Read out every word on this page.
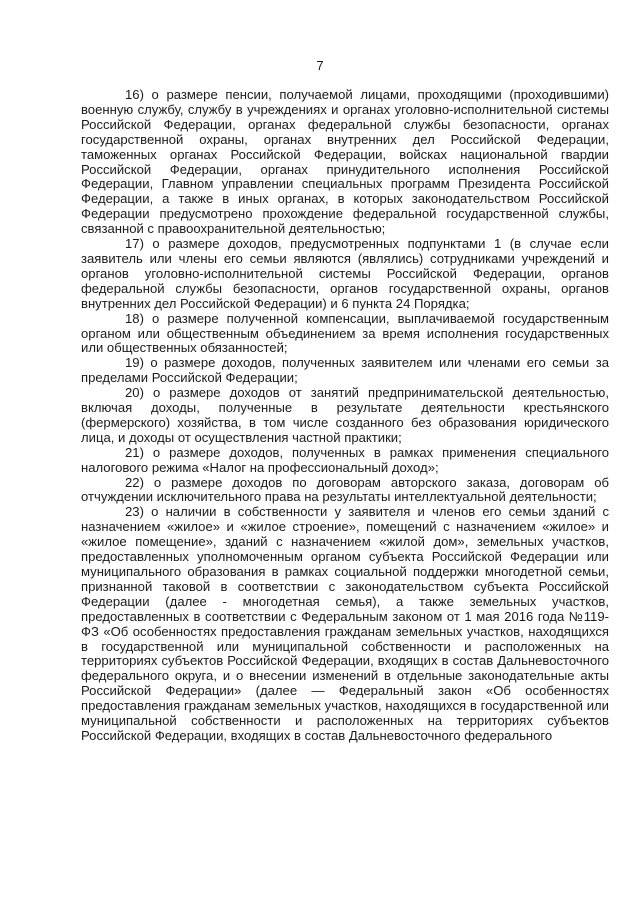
7

16) о размере пенсии, получаемой лицами, проходящими (проходившими) военную службу, службу в учреждениях и органах уголовно-исполнительной системы Российской Федерации, органах федеральной службы безопасности, органах государственной охраны, органах внутренних дел Российской Федерации, таможенных органах Российской Федерации, войсках национальной гвардии Российской Федерации, органах принудительного исполнения Российской Федерации, Главном управлении специальных программ Президента Российской Федерации, а также в иных органах, в которых законодательством Российской Федерации предусмотрено прохождение федеральной государственной службы, связанной с правоохранительной деятельностью;

17) о размере доходов, предусмотренных подпунктами 1 (в случае если заявитель или члены его семьи являются (являлись) сотрудниками учреждений и органов уголовно-исполнительной системы Российской Федерации, органов федеральной службы безопасности, органов государственной охраны, органов внутренних дел Российской Федерации) и 6 пункта 24 Порядка;

18) о размере полученной компенсации, выплачиваемой государственным органом или общественным объединением за время исполнения государственных или общественных обязанностей;

19) о размере доходов, полученных заявителем или членами его семьи за пределами Российской Федерации;

20) о размере доходов от занятий предпринимательской деятельностью, включая доходы, полученные в результате деятельности крестьянского (фермерского) хозяйства, в том числе созданного без образования юридического лица, и доходы от осуществления частной практики;

21) о размере доходов, полученных в рамках применения специального налогового режима «Налог на профессиональный доход»;

22) о размере доходов по договорам авторского заказа, договорам об отчуждении исключительного права на результаты интеллектуальной деятельности;

23) о наличии в собственности у заявителя и членов его семьи зданий с назначением «жилое» и «жилое строение», помещений с назначением «жилое» и «жилое помещение», зданий с назначением «жилой дом», земельных участков, предоставленных уполномоченным органом субъекта Российской Федерации или муниципального образования в рамках социальной поддержки многодетной семьи, признанной таковой в соответствии с законодательством субъекта Российской Федерации (далее - многодетная семья), а также земельных участков, предоставленных в соответствии с Федеральным законом от 1 мая 2016 года №119-ФЗ «Об особенностях предоставления гражданам земельных участков, находящихся в государственной или муниципальной собственности и расположенных на территориях субъектов Российской Федерации, входящих в состав Дальневосточного федерального округа, и о внесении изменений в отдельные законодательные акты Российской Федерации» (далее — Федеральный закон «Об особенностях предоставления гражданам земельных участков, находящихся в государственной или муниципальной собственности и расположенных на территориях субъектов Российской Федерации, входящих в состав Дальневосточного федерального
